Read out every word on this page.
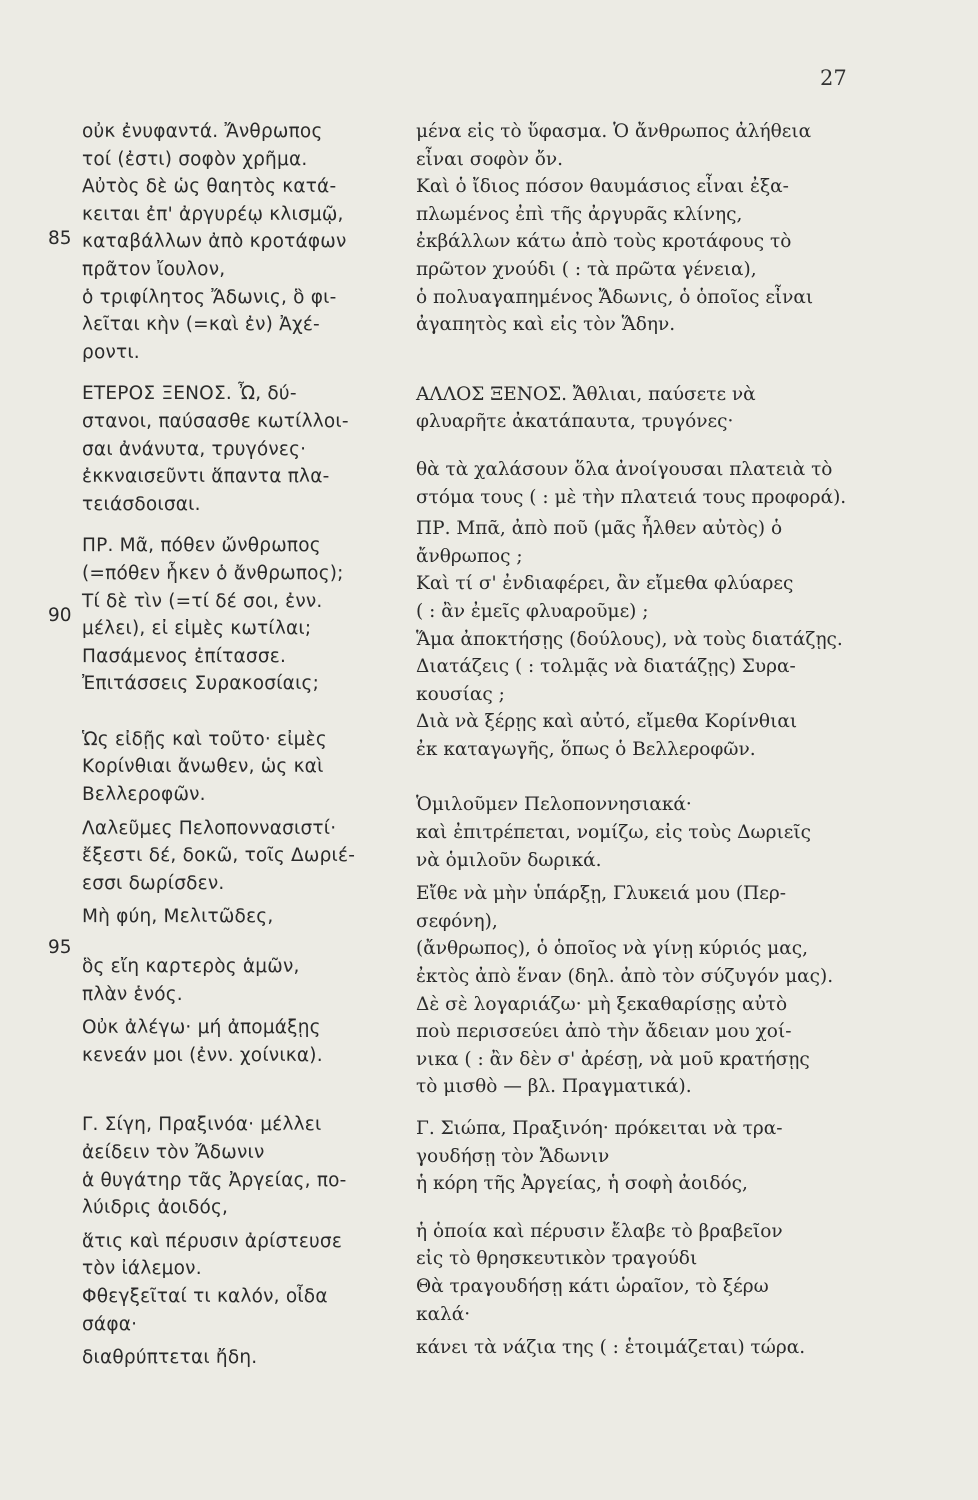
27
85
90
95
οὐκ ἐνυφαντά. Ἄνθρωπος
τοί (ἐστι) σοφὸν χρῆμα.
Αὐτὸς δὲ ὡς θαητὸς κατά-
κειται ἐπ' ἀργυρέῳ κλισμῷ,
καταβάλλων ἀπὸ κροτάφων
πρᾶτον ἴουλον,
ὁ τριφίλητος Ἄδωνις, ὃ φι-
λεῖται κὴν (=καὶ ἐν) Ἀχέ-
ροντι.
ΕΤΕΡΟΣ ΞΕΝΟΣ. Ὦ, δύ-
στανοι, παύσασθε κωτίλλοι-
σαι ἀνάνυτα, τρυγόνες·
ἐκκναισεῦντι ἅπαντα πλα-
τειάσδοισαι.
ΠΡ. Μᾶ, πόθεν ὤνθρωπος
(=πόθεν ἧκεν ὁ ἄνθρωπος);
Τί δὲ τὶν (=τί δέ σοι, ἐνν.
μέλει), εἰ εἰμὲς κωτίλαι;
Πασάμενος ἐπίτασσε.
Ἐπιτάσσεις Συρακοσίαις;
Ὡς εἰδῇς καὶ τοῦτο· εἰμὲς
Κορίνθιαι ἄνωθεν, ὡς καὶ
Βελλεροφῶν.
Λαλεῦμες Πελοποννασιστί·
ἔξεστι δέ, δοκῶ, τοῖς Δωριέ-
εσσι δωρίσδεν.
Μὴ φύη, Μελιτῶδες,
ὃς εἴη καρτερὸς ἁμῶν,
πλὰν ἑνός.
Οὐκ ἀλέγω· μή ἀπομάξῃς
κενεάν μοι (ἐνν. χοίνικα).
Γ. Σίγη, Πραξινόα· μέλλει
ἀείδειν τὸν Ἄδωνιν
ἁ θυγάτηρ τᾶς Ἀργείας, πο-
λύιδρις ἀοιδός,
ἅτις καὶ πέρυσιν ἀρίστευσε
τὸν ἰάλεμον.
Φθεγξεῖταί τι καλόν, οἶδα
σάφα·
διαθρύπτεται ἤδη.
μένα εἰς τὸ ὕφασμα. Ὁ ἄνθρωπος ἀλήθεια
εἶναι σοφὸν ὄν.
Καὶ ὁ ἴδιος πόσον θαυμάσιος εἶναι ἐξα-
πλωμένος ἐπὶ τῆς ἀργυρᾶς κλίνης,
ἐκβάλλων κάτω ἀπὸ τοὺς κροτάφους τὸ
πρῶτον χνούδι ( : τὰ πρῶτα γένεια),
ὁ πολυαγαπημένος Ἄδωνις, ὁ ὁποῖος εἶναι
ἀγαπητὸς καὶ εἰς τὸν Ἅδην.
ΑΛΛΟΣ ΞΕΝΟΣ. Ἄθλιαι, παύσετε νὰ
φλυαρῆτε ἀκατάπαυτα, τρυγόνες·
θὰ τὰ χαλάσουν ὅλα ἀνοίγουσαι πλατειὰ τὸ
στόμα τους ( : μὲ τὴν πλατειά τους προφορά).
ΠΡ. Μπᾶ, ἀπὸ ποῦ (μᾶς ἦλθεν αὐτὸς) ὁ
ἄνθρωπος ;
Καὶ τί σ' ἐνδιαφέρει, ἂν εἴμεθα φλύαρες
( : ἂν ἐμεῖς φλυαροῦμε) ;
Ἅμα ἀποκτήσῃς (δούλους), νὰ τοὺς διατάζῃς.
Διατάζεις ( : τολμᾷς νὰ διατάζῃς) Συρα-
κουσίας ;
Διὰ νὰ ξέρῃς καὶ αὐτό, εἴμεθα Κορίνθιαι
ἐκ καταγωγῆς, ὅπως ὁ Βελλεροφῶν.
Ὁμιλοῦμεν Πελοποννησιακά·
καὶ ἐπιτρέπεται, νομίζω, εἰς τοὺς Δωριεῖς
νὰ ὁμιλοῦν δωρικά.
Εἴθε νὰ μὴν ὑπάρξῃ, Γλυκειά μου (Περ-
σεφόνη),
(ἄνθρωπος), ὁ ὁποῖος νὰ γίνῃ κύριός μας,
ἐκτὸς ἀπὸ ἕναν (δηλ. ἀπὸ τὸν σύζυγόν μας).
Δὲ σὲ λογαριάζω· μὴ ξεκαθαρίσῃς αὐτὸ
ποὺ περισσεύει ἀπὸ τὴν ἄδειαν μου χοί-
νικα ( : ἂν δὲν σ' ἀρέσῃ, νὰ μοῦ κρατήσῃς
τὸ μισθὸ — βλ. Πραγματικά).
Γ. Σιώπα, Πραξινόη· πρόκειται νὰ τρα-
γουδήσῃ τὸν Ἄδωνιν
ἡ κόρη τῆς Ἀργείας, ἡ σοφὴ ἀοιδός,
ἡ ὁποία καὶ πέρυσιν ἔλαβε τὸ βραβεῖον
εἰς τὸ θρησκευτικὸν τραγούδι
Θὰ τραγουδήσῃ κάτι ὡραῖον, τὸ ξέρω
καλά·
κάνει τὰ νάζια της ( : ἑτοιμάζεται) τώρα.
